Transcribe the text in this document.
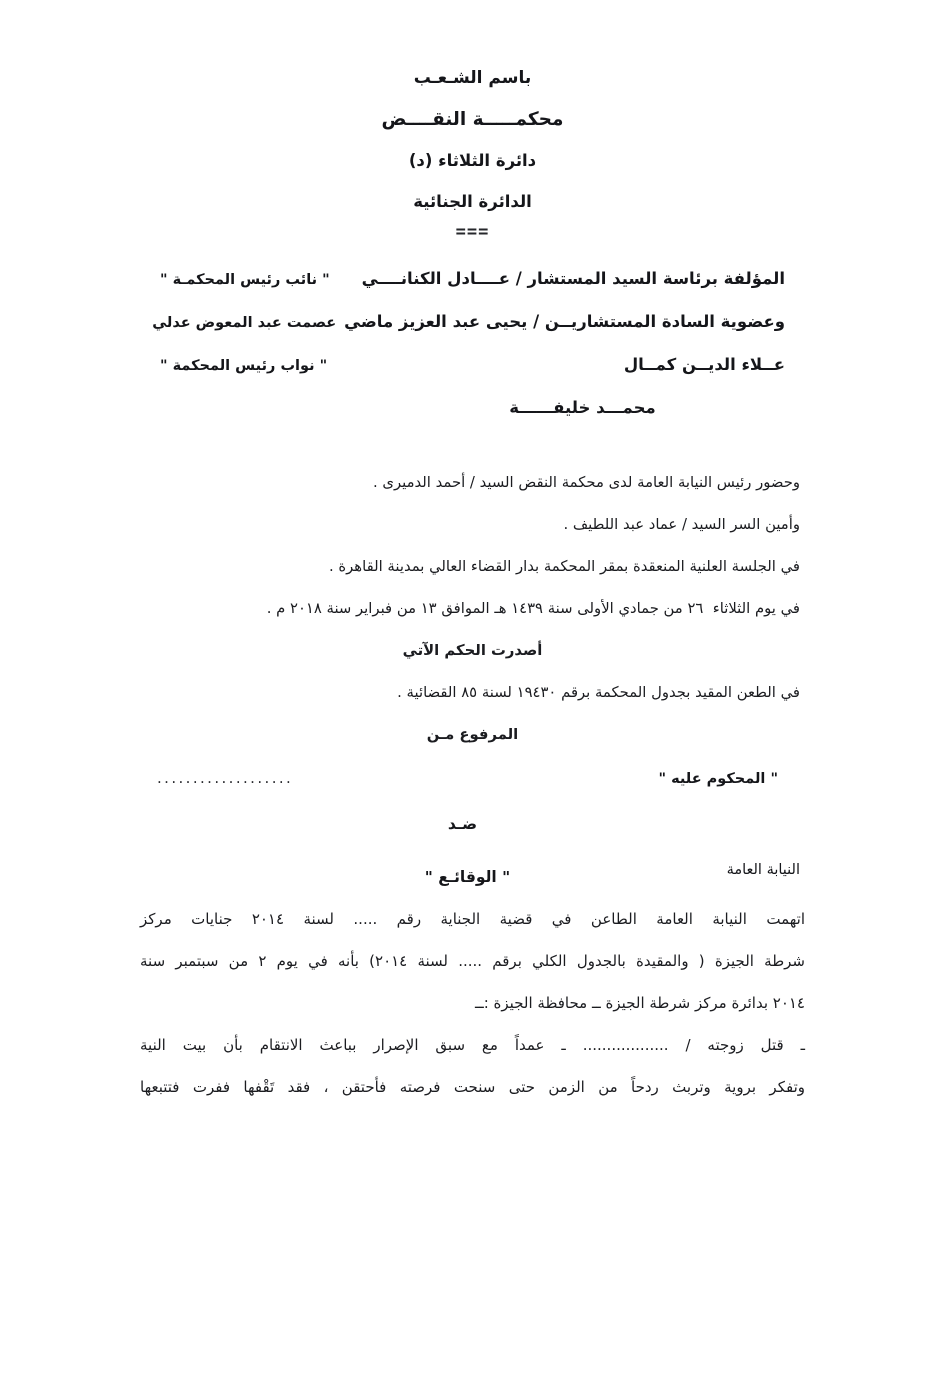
باسم الشـعـب
محكمـــــة النقــــض
دائرة الثلاثاء (د)
الدائرة الجنائية
===
المؤلفة برئاسة السيد المستشار / عــــادل الكنانــــي
" نائب رئيس المحكمـة "
وعضوية السادة المستشاريــن / يحيى عبد العزيز ماضي
عصمت عبد المعوض عدلي
عــلاء الديــن كمــال
" نواب رئيس المحكمة "
محمـــد خليفــــــة
وحضور رئيس النيابة العامة لدى محكمة النقض السيد / أحمد الدميرى .
وأمين السر السيد / عماد عبد اللطيف .
في الجلسة العلنية المنعقدة بمقر المحكمة بدار القضاء العالي بمدينة القاهرة .
في يوم الثلاثاء  ٢٦ من جمادي الأولى سنة ١٤٣٩ هـ الموافق ١٣ من فبراير سنة ٢٠١٨ م .
أصدرت الحكم الآتي
في الطعن المقيد بجدول المحكمة برقم ١٩٤٣٠ لسنة ٨٥ القضائية .
المرفوع مـن
" المحكوم عليه "
...................
ضـد
النيابة العامة
" الوقائـع "
اتهمت النيابة العامة الطاعن في قضية الجناية رقم ..... لسنة ٢٠١٤ جنايات مركز
شرطة الجيزة ( والمقيدة بالجدول الكلي برقم ..... لسنة ٢٠١٤) بأنه في يوم ٢ من سبتمبر سنة
٢٠١٤ بدائرة مركز شرطة الجيزة ــ محافظة الجيزة :ــ
ـ قتل زوجته / .................. ـ عمداً مع سبق الإصرار بباعث الانتقام بأن بيت النية
وتفكر بروية وتربث ردحاً من الزمن حتى سنحت فرصته فأحتقن ، فقد تَقْفها ففرت فتتبعها
